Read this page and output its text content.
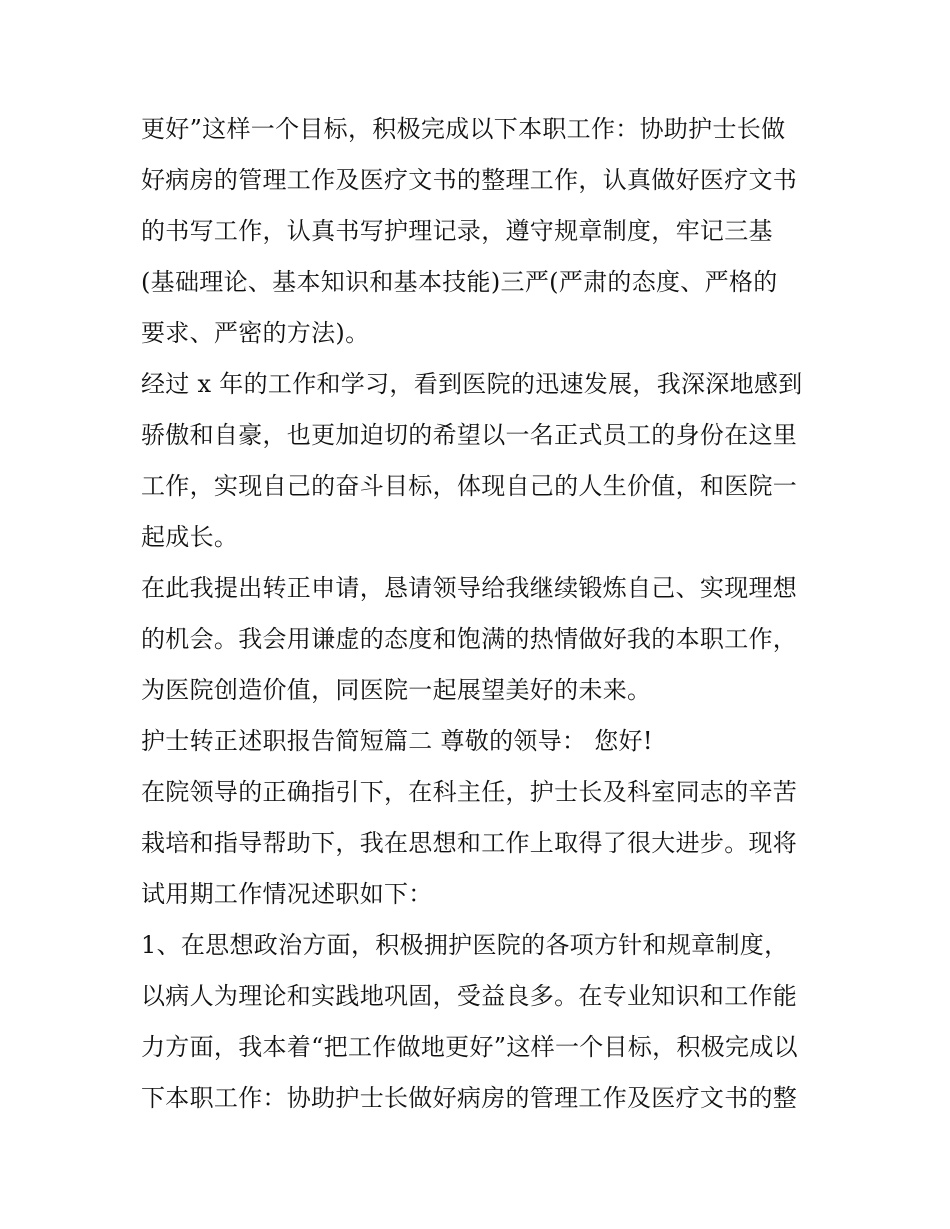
更好”这样一个目标，积极完成以下本职工作：协助护士长做
好病房的管理工作及医疗文书的整理工作，认真做好医疗文书
的书写工作，认真书写护理记录，遵守规章制度，牢记三基
(基础理论、基本知识和基本技能)三严(严肃的态度、严格的
要求、严密的方法)。
经过 x 年的工作和学习，看到医院的迅速发展，我深深地感到
骄傲和自豪，也更加迫切的希望以一名正式员工的身份在这里
工作，实现自己的奋斗目标，体现自己的人生价值，和医院一
起成长。
在此我提出转正申请，恳请领导给我继续锻炼自己、实现理想
的机会。我会用谦虚的态度和饱满的热情做好我的本职工作，
为医院创造价值，同医院一起展望美好的未来。
护士转正述职报告简短篇二 尊敬的领导： 您好!
在院领导的正确指引下，在科主任，护士长及科室同志的辛苦
栽培和指导帮助下，我在思想和工作上取得了很大进步。现将
试用期工作情况述职如下：
1、在思想政治方面，积极拥护医院的各项方针和规章制度，
以病人为理论和实践地巩固，受益良多。在专业知识和工作能
力方面，我本着“把工作做地更好”这样一个目标，积极完成以
下本职工作：协助护士长做好病房的管理工作及医疗文书的整
